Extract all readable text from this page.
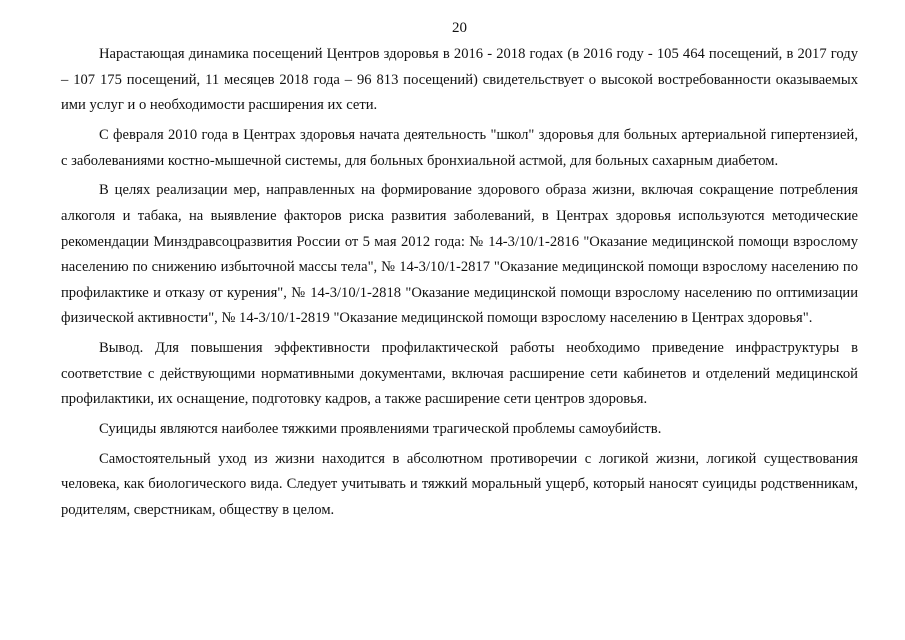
20

Нарастающая динамика посещений Центров здоровья в 2016 - 2018 годах (в 2016 году - 105 464 посещений, в 2017 году – 107 175 посещений, 11 месяцев 2018 года – 96 813 посещений) свидетельствует о высокой востребованности оказываемых ими услуг и о необходимости расширения их сети.

С февраля 2010 года в Центрах здоровья начата деятельность "школ" здоровья для больных артериальной гипертензией, с заболеваниями костно-мышечной системы, для больных бронхиальной астмой, для больных сахарным диабетом.

В целях реализации мер, направленных на формирование здорового образа жизни, включая сокращение потребления алкоголя и табака, на выявление факторов риска развития заболеваний, в Центрах здоровья используются методические рекомендации Минздравсоцразвития России от 5 мая 2012 года: № 14-3/10/1-2816 "Оказание медицинской помощи взрослому населению по снижению избыточной массы тела", № 14-3/10/1-2817 "Оказание медицинской помощи взрослому населению по профилактике и отказу от курения", № 14-3/10/1-2818 "Оказание медицинской помощи взрослому населению по оптимизации физической активности", № 14-3/10/1-2819 "Оказание медицинской помощи взрослому населению в Центрах здоровья".

Вывод. Для повышения эффективности профилактической работы необходимо приведение инфраструктуры в соответствие с действующими нормативными документами, включая расширение сети кабинетов и отделений медицинской профилактики, их оснащение, подготовку кадров, а также расширение сети центров здоровья.

Суициды являются наиболее тяжкими проявлениями трагической проблемы самоубийств.

Самостоятельный уход из жизни находится в абсолютном противоречии с логикой жизни, логикой существования человека, как биологического вида. Следует учитывать и тяжкий моральный ущерб, который наносят суициды родственникам, родителям, сверстникам, обществу в целом.
